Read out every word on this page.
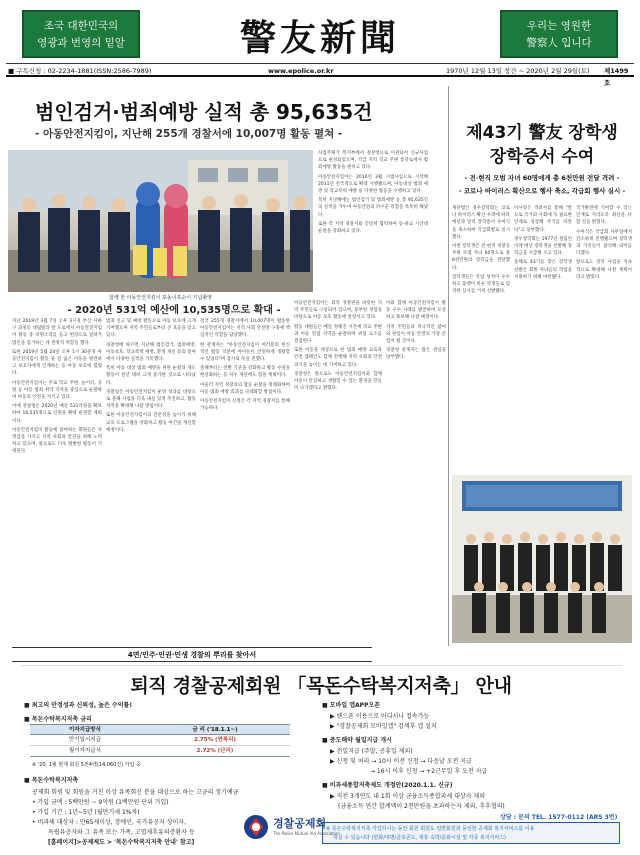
조국 대한민국의
영광과 번영의 밑알	警友新聞	우리는 영원한
警察人 입니다
■ 구독신청 : 02-2234-1881(ISSN:2586-7989)	www.epolice.or.kr	1970년 12월 13일 창간 ~ 2020년 2월 29일(토) 제1499호
범인검거·범죄예방 실적 총 95,635건
- 아동안전지킴이, 지난해 255개 경찰서에 10,007명 활동 펼쳐 -
함께 한 아동안전지킴이 포돌이포순이 기념촬영

사업주체가 복지부에서 경찰청으로 이관되어 신규사업으로 편성되었으며, 각급 지역 학교 주변 통학로에서 범죄예방 활동을 펼치고 있다.

아동안전지킴이는 2010년 3월 시범사업으로 시작해 2011년 전국적으로 확대 시행됐으며, 아동대상 범죄 예방 및 학교폭력 예방 등 다양한 활동을 수행하고 있다.

특히 지난해에는 범인검거 및 범죄예방 등 총 95,635건의 실적을 거두며 아동안전의 파수꾼 역할을 톡톡히 해냈다.

또한 각 지역 경찰서와 긴밀히 협력하여 등·하교 시간대 순찰을 강화하고 있다.

- 2020년 531억 예산에 10,535명으로 확대 -

지난 2019년 3월 7일 오후 3시경 부산 사하구 괴정동 대림빌라 앞 도로에서 아동안전지킴이 활동 중 비명소리를 듣고 현장으로 달려가 범인을 검거하는 데 결정적 역할을 했다.

또한 2019년 5월 24일 오후 1시 30분경 아동안전지킴이 활동 중 길 잃은 아동을 발견하고 보호자에게 인계하는 등 아동 보호에 힘썼다.

아동안전지킴이는 주로 학교 주변, 놀이터, 공원 등 아동 범죄 취약 지역을 중심으로 순찰하며 아동의 안전을 지키고 있다.

이에 경찰청은 2020년 예산 531억원을 확보하여 10,535명으로 인원을 확대 운영할 계획이다.

아동안전지킴이 활동에 참여하는 회원들은 사명감을 가지고 지역 사회의 안전을 위해 노력하고 있으며, 앞으로도 더욱 활발한 활동이 기대된다.

범죄 신고 및 예방 활동으로 아동 보호에 크게 기여했으며 지역 주민들로부터 큰 호응을 얻고 있다.

경찰청에 따르면 지난해 범인검거, 범죄예방, 아동보호, 학교폭력 예방, 환경 개선 등의 분야에서 다양한 실적을 기록했다.

특히 아동 대상 범죄 예방을 위한 순찰과 계도 활동이 전년 대비 크게 증가한 것으로 나타났다.

경찰청은 아동안전지킴이 운영 성과를 바탕으로 올해 사업을 더욱 내실 있게 추진하고, 활동 지역을 확대해 나갈 방침이다.

또한 아동안전지킴이의 전문성을 높이기 위해 교육 프로그램을 강화하고 활동 여건을 개선할 예정이다.

전국 255개 경찰서에서 10,007명이 활동한 아동안전지킴이는 지역 사회 안전망 구축에 핵심적인 역할을 담당했다.

한 관계자는 "아동안전지킴이 여러분의 헌신적인 활동 덕분에 아이들이 안전하게 생활할 수 있었다"며 감사의 뜻을 전했다.

올해부터는 선발 기준을 강화하고 활동 수당을 현실화하는 등 처우 개선에도 힘쓸 계획이다.

아울러 지역 경찰과의 합동 순찰을 정례화하여 아동 범죄 예방 효과를 극대화할 방침이다.

아동안전지킴이 신청은 각 지역 경찰서를 통해 가능하다.

아동안전지킴이는 퇴직 경찰관을 비롯한 지역 주민들로 구성되어 있으며, 풍부한 경험을 바탕으로 아동 보호 활동에 앞장서고 있다.

활동 대원들은 매일 정해진 시간에 학교 주변과 아동 밀집 지역을 순찰하며 위험 요소를 점검한다.

또한 아동을 대상으로 한 범죄 예방 교육과 안전 캠페인도 함께 진행해 지역 사회의 안전 의식을 높이는 데 기여하고 있다.

경찰청은 앞으로도 아동안전지킴이와 함께 아동이 안심하고 생활할 수 있는 환경을 만들어 나가겠다고 밝혔다.

이와 함께 아동안전지킴이 활동 우수 사례를 발굴하여 포상하고 홍보해 나갈 예정이다.

지역 주민들의 적극적인 참여와 관심이 아동 안전의 가장 큰 힘이 될 것이다.

경찰청 관계자는 많은 관심을 당부했다.

4면/민주·인권·민생 경찰의 뿌리를 찾아서
제43기 警友 장학생
장학증서 수여
- 전·현직 모범 자녀 60명에게 총 6천만원 전달 격려 -
- 코로나 바이러스 확산으로 행사 축소, 각급회 행사 실시 -

재단법인 경우장학회는 코로나 바이러스 확산 우려에 따라 예년과 달리 장학증서 수여식을 축소하여 각급회별로 실시했다.

이번 장학생은 전·현직 경찰공무원 모범 자녀 60명으로 총 6천만원의 장학금을 전달했다.

장학생들은 학업 성적이 우수하고 품행이 바른 학생들로 엄격한 심사를 거쳐 선발됐다.

이사장은 격려사를 통해 "앞으로 국가와 사회에 꼭 필요한 인재로 성장해 주기를 바란다"고 당부했다.

경우장학회는 1977년 설립된 이래 매년 장학생을 선발해 장학금을 지급해 오고 있다.

올해로 43기를 맞은 장학생 선발은 회원 자녀들의 학업을 지원하기 위해 마련됐다.

국가발전에 기여할 수 있는 인재로 자라도록 최선을 다할 것을 밝혔다.

수여식은 각급회 사무실에서 간소하게 진행됐으며 장학생과 가족들이 참석해 의미를 더했다.

앞으로도 장학 사업을 지속적으로 확대해 나갈 계획이라고 밝혔다.

퇴직 경찰공제회원 「목돈수탁복지저축」 안내
■ 최고의 안정성과 신뢰성, 높은 수익률!
■ 목돈수탁복지저축 금리
이자지급방식	금 리 ('18.1.1~)
만기일시지급	2.75% (연복리)
월이자지급식	2.72% (단리)
※ '20. 1월 현재 회원 5천4백(14,060건) 가입 중
■ 목돈수탁복지저축
공제회 회원 및 회원을 거친 이상 유족회신 분을 대상으로 하는 고금리 정기예금
• 가입 금액 : 5백만원 ~ 9억원 (1백만원 단위 가입)
• 가입 기간 : 1년~5년 (월만기세 1%차)
• 비과세 대상자 : 만65세이상, 장애인, 국가유공자 상이자,
독립유공자와 그 유족 또는 가족, 고엽제후유의증환자 등
[홈페이지]>공제제도 > '목돈수탁복지저축 안내' 참고]
■ 모바일 앱APP오픈
▶ 핸드폰 이용으로 어디서나 접속가능
▶ "경찰공제회 모바일앱" 검색후 앱 설치
■ 중도해약 월일지급 개시
▶ 전일지급 (주말, 공휴일 제외)
▶ 신청 및 처리 → 10시 이전 신청 → 다음날 오전 지급
→ 16시 이후 신청 → +2근무일 후 오전 지급
■ 비과세종합저축제도 개정안(2020.1.1. 신규)
▶ 직전 3개연도 내 1회 이상 금융소득종합과세 대상자 제외
(금융소득 연간 합계액이 2천만원을 초과하는자 제외, 추후협의)
상담 : 문의 TEL. 1577-0112 (ARS 3번)
※ 목돈수탁복지저축 가입하시는 동안 회원 회원도 일반회원과 동일한 공제회 복지서비스를 이용
하실 수 있습니다 (한화/대명/금호콘도, 제휴 숙박/문화시설 및 각종 복지서비스)
경찰공제회
The Police Mutual Aid Association
